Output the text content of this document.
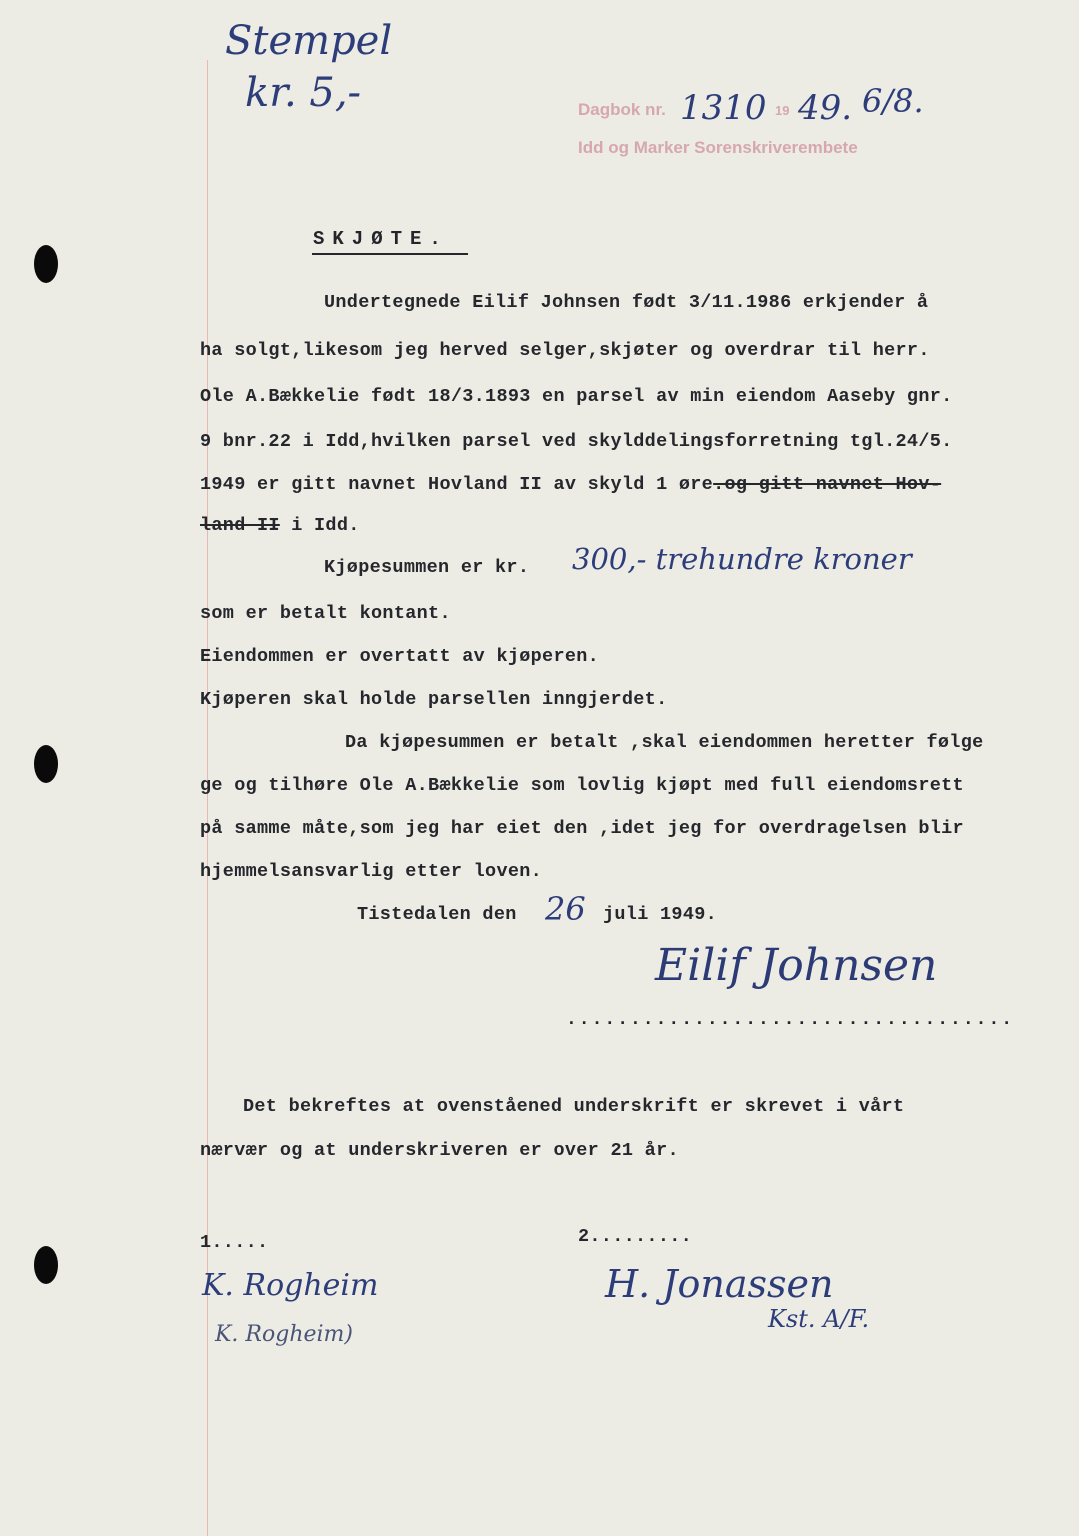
Stempel
kr. 5,-	Dagbok nr. 1310 19 49. 6/8.
Idd og Marker Sorenskriverembete
SKJØTE.
Undertegnede Eilif Johnsen født 3/11.1986 erkjender å
ha solgt,likesom jeg herved selger,skjøter og overdrar til herr.
Ole A.Bækkelie født 18/3.1893 en parsel av min eiendom Aaseby gnr.
9 bnr.22 i Idd,hvilken parsel ved skylddelingsforretning tgl.24/5.
1949 er gitt navnet Hovland II av skyld 1 øre.og gitt navnet Hov-
land II i Idd.
Kjøpesummen er kr. 300,- trehundre kroner
som er betalt kontant.
Eiendommen er overtatt av kjøperen.
Kjøperen skal holde parsellen inngjerdet.
Da kjøpesummen er betalt ,skal eiendommen heretter følge
ge og tilhøre Ole A.Bækkelie som lovlig kjøpt med full eiendomsrett
på samme måte,som jeg har eiet den ,idet jeg for overdragelsen blir
hjemmelsansvarlig etter loven.
Tistedalen den 26 juli 1949.
Eilif Johnsen
...................................
Det bekreftes at ovenståened underskrift er skrevet i vårt
nærvær og at underskriveren er over 21 år.
1.....	2.........
K. Rogheim
K. Rogheim)
H. Jonassen
Kst. A/F.
